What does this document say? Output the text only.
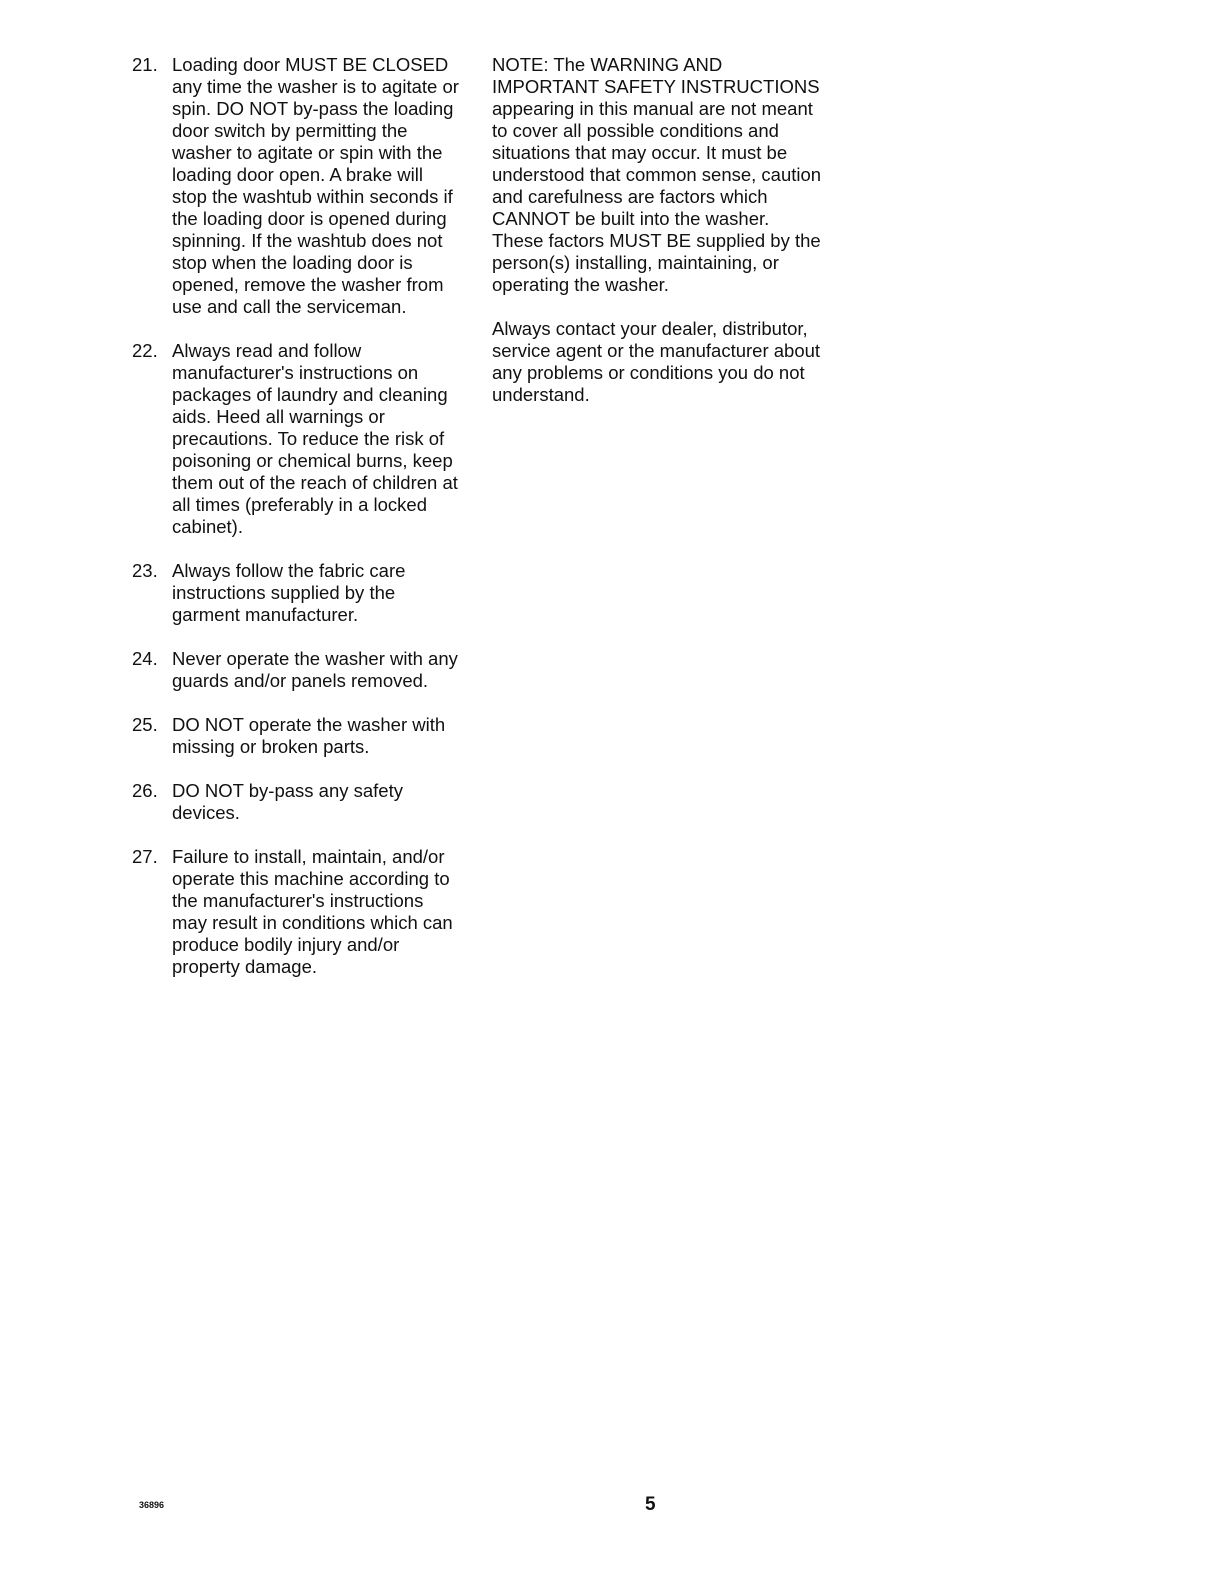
21. Loading door MUST BE CLOSED any time the washer is to agitate or spin. DO NOT by-pass the loading door switch by permitting the washer to agitate or spin with the loading door open. A brake will stop the washtub within seconds if the loading door is opened during spinning. If the washtub does not stop when the loading door is opened, remove the washer from use and call the serviceman.
22. Always read and follow manufacturer's instructions on packages of laundry and cleaning aids. Heed all warnings or precautions. To reduce the risk of poisoning or chemical burns, keep them out of the reach of children at all times (preferably in a locked cabinet).
23. Always follow the fabric care instructions supplied by the garment manufacturer.
24. Never operate the washer with any guards and/or panels removed.
25. DO NOT operate the washer with missing or broken parts.
26. DO NOT by-pass any safety devices.
27. Failure to install, maintain, and/or operate this machine according to the manufacturer's instructions may result in conditions which can produce bodily injury and/or property damage.

NOTE: The WARNING AND IMPORTANT SAFETY INSTRUCTIONS appearing in this manual are not meant to cover all possible conditions and situations that may occur. It must be understood that common sense, caution and carefulness are factors which CANNOT be built into the washer. These factors MUST BE supplied by the person(s) installing, maintaining, or operating the washer.

Always contact your dealer, distributor, service agent or the manufacturer about any problems or conditions you do not understand.

36896	5
